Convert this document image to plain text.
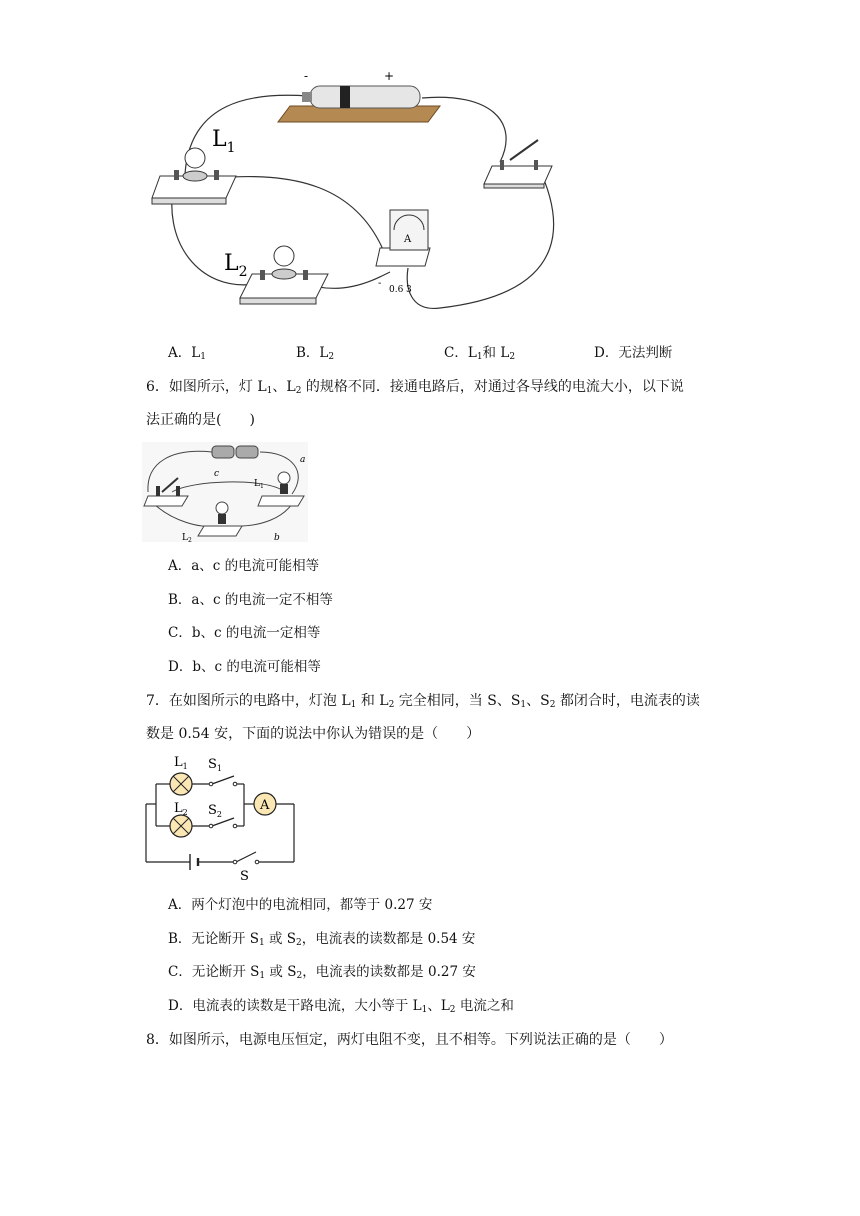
-	+
$L_1$
$L_2$
A
-
0.6 3
A．$L_1$	B．$L_2$	C．$L_1$和 $L_2$	D．无法判断
6．如图所示，灯 $L_1$、$L_2$ 的规格不同．接通电路后，对通过各导线的电流大小，以下说
法正确的是(　　)
a
b
c
$L_1$
$L_2$
A．a、c 的电流可能相等
B．a、c 的电流一定不相等
C．b、c 的电流一定相等
D．b、c 的电流可能相等
7．在如图所示的电路中，灯泡 $L_1$ 和 $L_2$ 完全相同，当 S、$S_1$、$S_2$ 都闭合时，电流表的读
数是 0.54 安，下面的说法中你认为错误的是（　　）
A
$L_1$ $S_1$
$L_2$ $S_2$
S
A．两个灯泡中的电流相同，都等于 0.27 安
B．无论断开 $S_1$ 或 $S_2$，电流表的读数都是 0.54 安
C．无论断开 $S_1$ 或 $S_2$，电流表的读数都是 0.27 安
D．电流表的读数是干路电流，大小等于 $L_1$、$L_2$ 电流之和
8．如图所示，电源电压恒定，两灯电阻不变，且不相等。下列说法正确的是（　　）
